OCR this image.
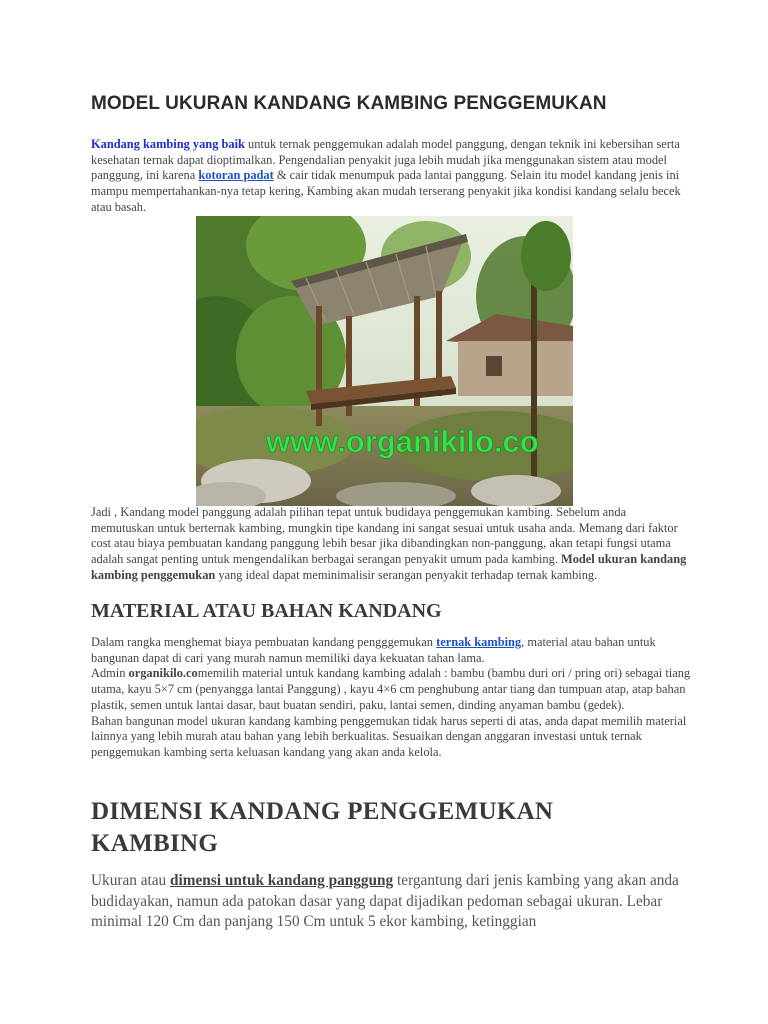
MODEL UKURAN KANDANG KAMBING PENGGEMUKAN

Kandang kambing yang baik untuk ternak penggemukan adalah model panggung, dengan teknik ini kebersihan serta kesehatan ternak dapat dioptimalkan. Pengendalian penyakit juga lebih mudah jika menggunakan sistem atau model panggung, ini karena kotoran padat & cair tidak menumpuk pada lantai panggung. Selain itu model kandang jenis ini mampu mempertahankan-nya tetap kering, Kambing akan mudah terserang penyakit jika kondisi kandang selalu becek atau basah.

www.organikilo.co

Jadi , Kandang model panggung adalah pilihan tepat untuk budidaya penggemukan kambing. Sebelum anda memutuskan untuk berternak kambing, mungkin tipe kandang ini sangat sesuai untuk usaha anda. Memang dari faktor cost atau biaya pembuatan kandang panggung lebih besar jika dibandingkan non-panggung, akan tetapi fungsi utama adalah sangat penting untuk mengendalikan berbagai serangan penyakit umum pada kambing. Model ukuran kandang kambing penggemukan yang ideal dapat meminimalisir serangan penyakit terhadap ternak kambing.

MATERIAL ATAU BAHAN KANDANG

Dalam rangka menghemat biaya pembuatan kandang pengggemukan ternak kambing, material atau bahan untuk bangunan dapat di cari yang murah namun memiliki daya kekuatan tahan lama.
Admin organikilo.comemilih material untuk kandang kambing adalah : bambu (bambu duri ori / pring ori) sebagai tiang utama, kayu 5×7 cm (penyangga lantai Panggung) , kayu 4×6 cm penghubung antar tiang dan tumpuan atap, atap bahan plastik, semen untuk lantai dasar, baut buatan sendiri, paku, lantai semen, dinding anyaman bambu (gedek).
Bahan bangunan model ukuran kandang kambing penggemukan tidak harus seperti di atas, anda dapat memilih material lainnya yang lebih murah atau bahan yang lebih berkualitas. Sesuaikan dengan anggaran investasi untuk ternak penggemukan kambing serta keluasan kandang yang akan anda kelola.

DIMENSI KANDANG PENGGEMUKAN KAMBING

Ukuran atau dimensi untuk kandang panggung tergantung dari jenis kambing yang akan anda budidayakan, namun ada patokan dasar yang dapat dijadikan pedoman sebagai ukuran. Lebar minimal 120 Cm dan panjang 150 Cm untuk 5 ekor kambing, ketinggian
